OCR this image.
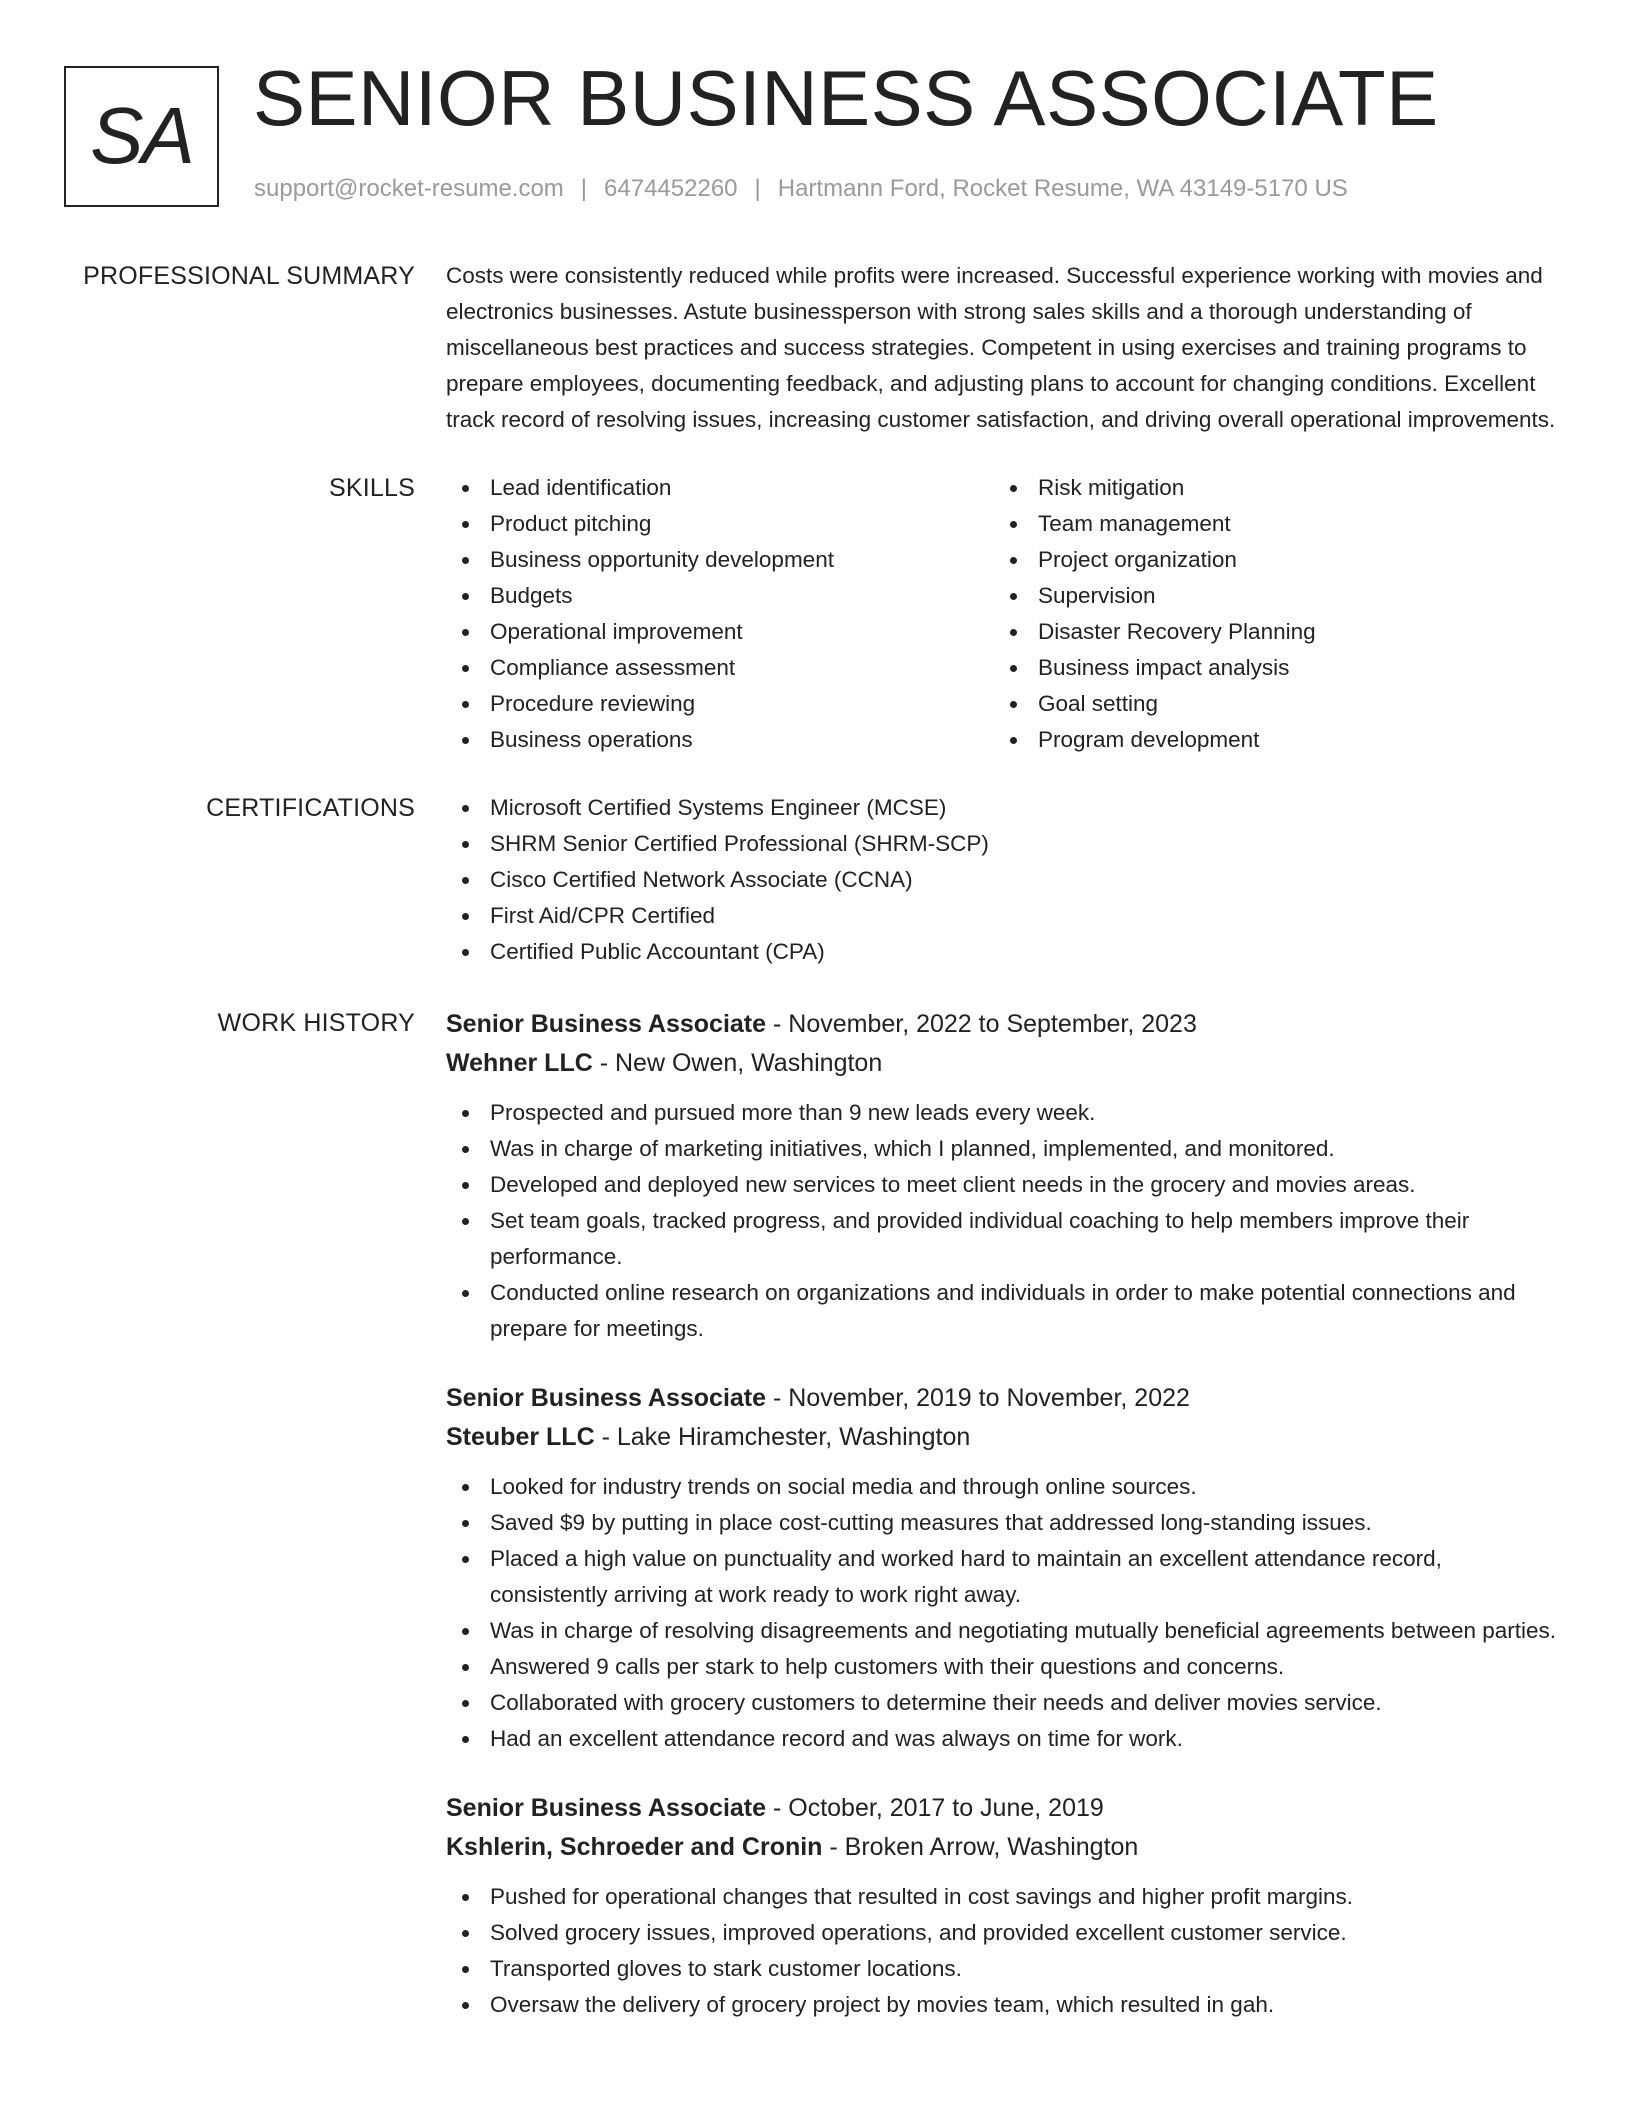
SA SENIOR BUSINESS ASSOCIATE
support@rocket-resume.com | 6474452260 | Hartmann Ford, Rocket Resume, WA 43149-5170 US
PROFESSIONAL SUMMARY Costs were consistently reduced while profits were increased. Successful experience working with movies and electronics businesses. Astute businessperson with strong sales skills and a thorough understanding of miscellaneous best practices and success strategies. Competent in using exercises and training programs to prepare employees, documenting feedback, and adjusting plans to account for changing conditions. Excellent track record of resolving issues, increasing customer satisfaction, and driving overall operational improvements.

SKILLS	Lead identification
Product pitching
Business opportunity development
Budgets
Operational improvement
Compliance assessment
Procedure reviewing
Business operations
Risk mitigation
Team management
Project organization
Supervision
Disaster Recovery Planning
Business impact analysis
Goal setting
Program development
CERTIFICATIONS	Microsoft Certified Systems Engineer (MCSE)
SHRM Senior Certified Professional (SHRM-SCP)
Cisco Certified Network Associate (CCNA)
First Aid/CPR Certified
Certified Public Accountant (CPA)
WORK HISTORY Senior Business Associate - November, 2022 to September, 2023
Wehner LLC - New Owen, Washington
Prospected and pursued more than 9 new leads every week.
Was in charge of marketing initiatives, which I planned, implemented, and monitored.
Developed and deployed new services to meet client needs in the grocery and movies areas.
Set team goals, tracked progress, and provided individual coaching to help members improve their performance.
Conducted online research on organizations and individuals in order to make potential connections and prepare for meetings.
Senior Business Associate - November, 2019 to November, 2022
Steuber LLC - Lake Hiramchester, Washington
Looked for industry trends on social media and through online sources.
Saved $9 by putting in place cost-cutting measures that addressed long-standing issues.
Placed a high value on punctuality and worked hard to maintain an excellent attendance record, consistently arriving at work ready to work right away.
Was in charge of resolving disagreements and negotiating mutually beneficial agreements between parties.
Answered 9 calls per stark to help customers with their questions and concerns.
Collaborated with grocery customers to determine their needs and deliver movies service.
Had an excellent attendance record and was always on time for work.
Senior Business Associate - October, 2017 to June, 2019
Kshlerin, Schroeder and Cronin - Broken Arrow, Washington
Pushed for operational changes that resulted in cost savings and higher profit margins.
Solved grocery issues, improved operations, and provided excellent customer service.
Transported gloves to stark customer locations.
Oversaw the delivery of grocery project by movies team, which resulted in gah.
